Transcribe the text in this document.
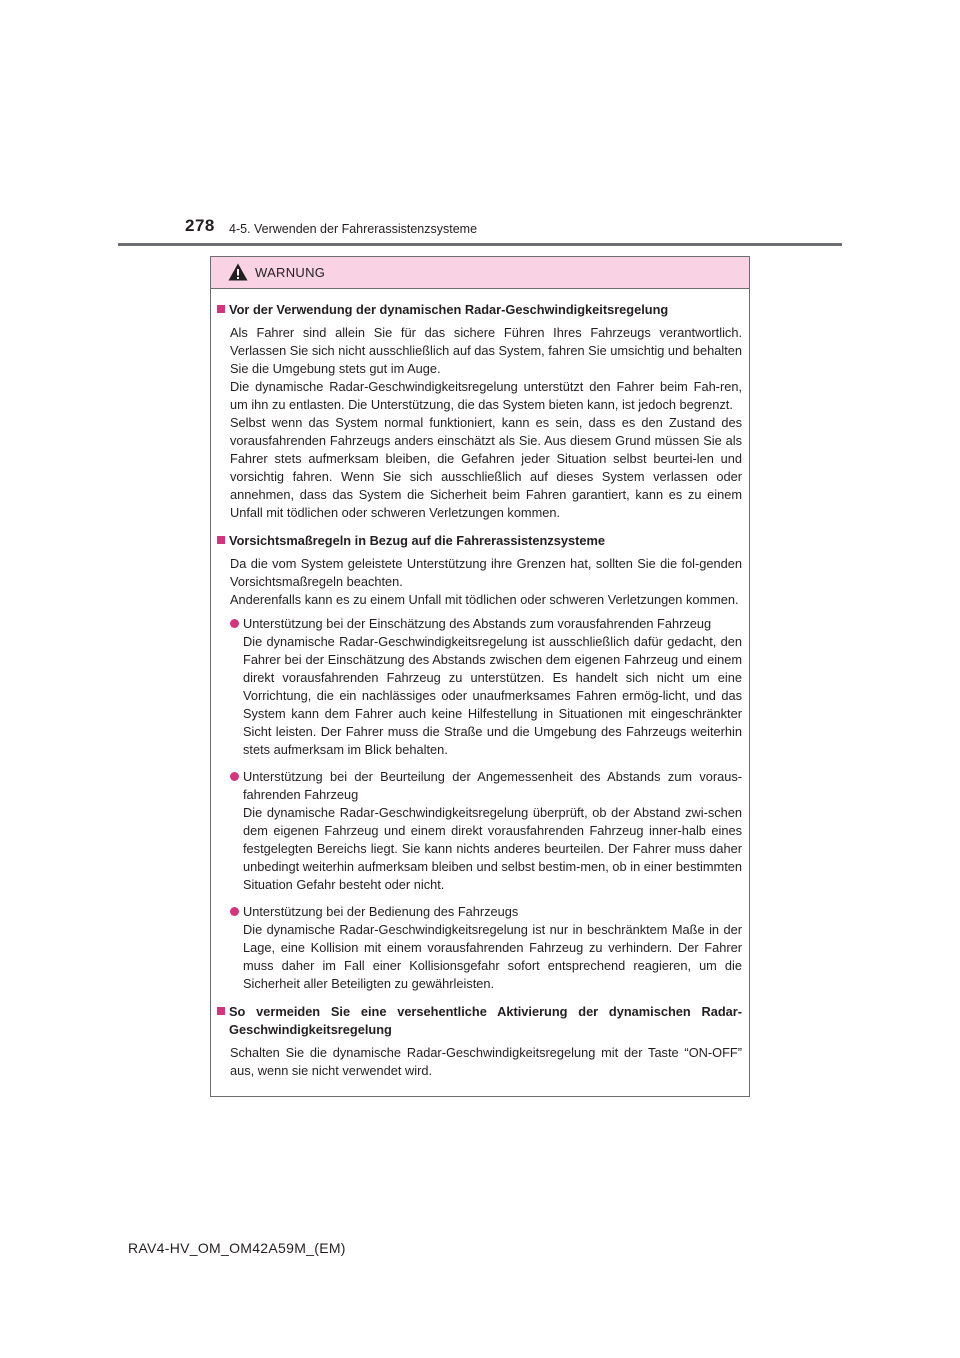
278 4-5. Verwenden der Fahrerassistenzsysteme
WARNUNG
Vor der Verwendung der dynamischen Radar-Geschwindigkeitsregelung

Als Fahrer sind allein Sie für das sichere Führen Ihres Fahrzeugs verantwortlich. Verlassen Sie sich nicht ausschließlich auf das System, fahren Sie umsichtig und behalten Sie die Umgebung stets gut im Auge.

Die dynamische Radar-Geschwindigkeitsregelung unterstützt den Fahrer beim Fah-ren, um ihn zu entlasten. Die Unterstützung, die das System bieten kann, ist jedoch begrenzt.

Selbst wenn das System normal funktioniert, kann es sein, dass es den Zustand des vorausfahrenden Fahrzeugs anders einschätzt als Sie. Aus diesem Grund müssen Sie als Fahrer stets aufmerksam bleiben, die Gefahren jeder Situation selbst beurtei-len und vorsichtig fahren. Wenn Sie sich ausschließlich auf dieses System verlassen oder annehmen, dass das System die Sicherheit beim Fahren garantiert, kann es zu einem Unfall mit tödlichen oder schweren Verletzungen kommen.

Vorsichtsmaßregeln in Bezug auf die Fahrerassistenzsysteme

Da die vom System geleistete Unterstützung ihre Grenzen hat, sollten Sie die fol-genden Vorsichtsmaßregeln beachten.

Anderenfalls kann es zu einem Unfall mit tödlichen oder schweren Verletzungen kommen.

Unterstützung bei der Einschätzung des Abstands zum vorausfahrenden Fahrzeug
Die dynamische Radar-Geschwindigkeitsregelung ist ausschließlich dafür gedacht, den Fahrer bei der Einschätzung des Abstands zwischen dem eigenen Fahrzeug und einem direkt vorausfahrenden Fahrzeug zu unterstützen. Es handelt sich nicht um eine Vorrichtung, die ein nachlässiges oder unaufmerksames Fahren ermög-licht, und das System kann dem Fahrer auch keine Hilfestellung in Situationen mit eingeschränkter Sicht leisten. Der Fahrer muss die Straße und die Umgebung des Fahrzeugs weiterhin stets aufmerksam im Blick behalten.
Unterstützung bei der Beurteilung der Angemessenheit des Abstands zum voraus-fahrenden Fahrzeug
Die dynamische Radar-Geschwindigkeitsregelung überprüft, ob der Abstand zwi-schen dem eigenen Fahrzeug und einem direkt vorausfahrenden Fahrzeug inner-halb eines festgelegten Bereichs liegt. Sie kann nichts anderes beurteilen. Der Fahrer muss daher unbedingt weiterhin aufmerksam bleiben und selbst bestim-men, ob in einer bestimmten Situation Gefahr besteht oder nicht.
Unterstützung bei der Bedienung des Fahrzeugs
Die dynamische Radar-Geschwindigkeitsregelung ist nur in beschränktem Maße in der Lage, eine Kollision mit einem vorausfahrenden Fahrzeug zu verhindern. Der Fahrer muss daher im Fall einer Kollisionsgefahr sofort entsprechend reagieren, um die Sicherheit aller Beteiligten zu gewährleisten.
So vermeiden Sie eine versehentliche Aktivierung der dynamischen Radar-Geschwindigkeitsregelung

Schalten Sie die dynamische Radar-Geschwindigkeitsregelung mit der Taste “ON-OFF” aus, wenn sie nicht verwendet wird.

RAV4-HV_OM_OM42A59M_(EM)
